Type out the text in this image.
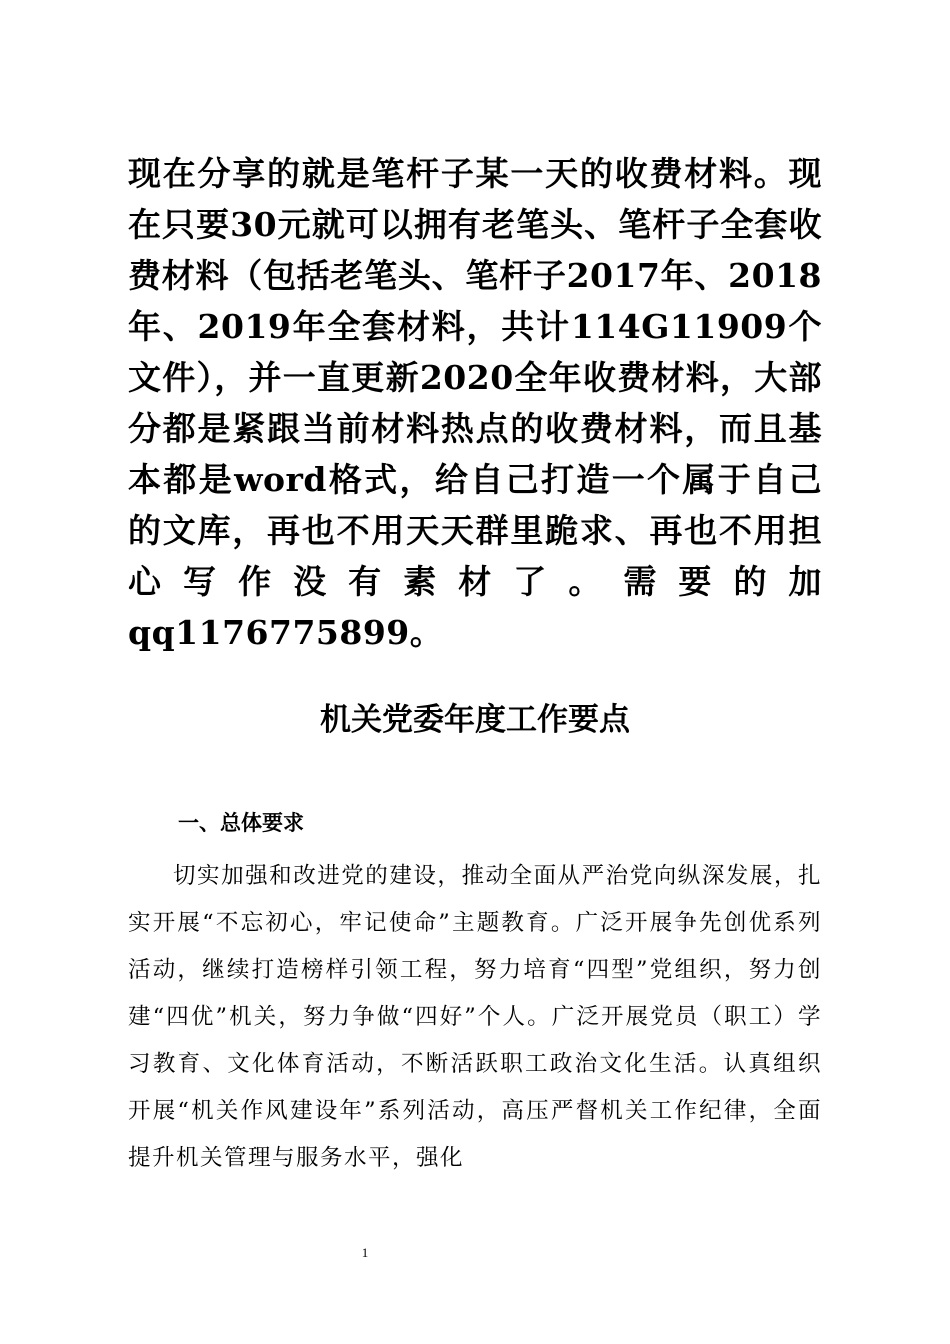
现在分享的就是笔杆子某一天的收费材料。现在只要30元就可以拥有老笔头、笔杆子全套收费材料（包括老笔头、笔杆子2017年、2018年、2019年全套材料，共计114G11909个文件），并一直更新2020全年收费材料，大部分都是紧跟当前材料热点的收费材料，而且基本都是word格式，给自己打造一个属于自己的文库，再也不用天天群里跪求、再也不用担心写作没有素材了。需要的加qq1176775899。

机关党委年度工作要点
一、总体要求

切实加强和改进党的建设，推动全面从严治党向纵深发展，扎实开展“不忘初心，牢记使命”主题教育。广泛开展争先创优系列活动，继续打造榜样引领工程，努力培育“四型”党组织，努力创建“四优”机关，努力争做“四好”个人。广泛开展党员（职工）学习教育、文化体育活动，不断活跃职工政治文化生活。认真组织开展“机关作风建设年”系列活动，高压严督机关工作纪律，全面提升机关管理与服务水平，强化

1
